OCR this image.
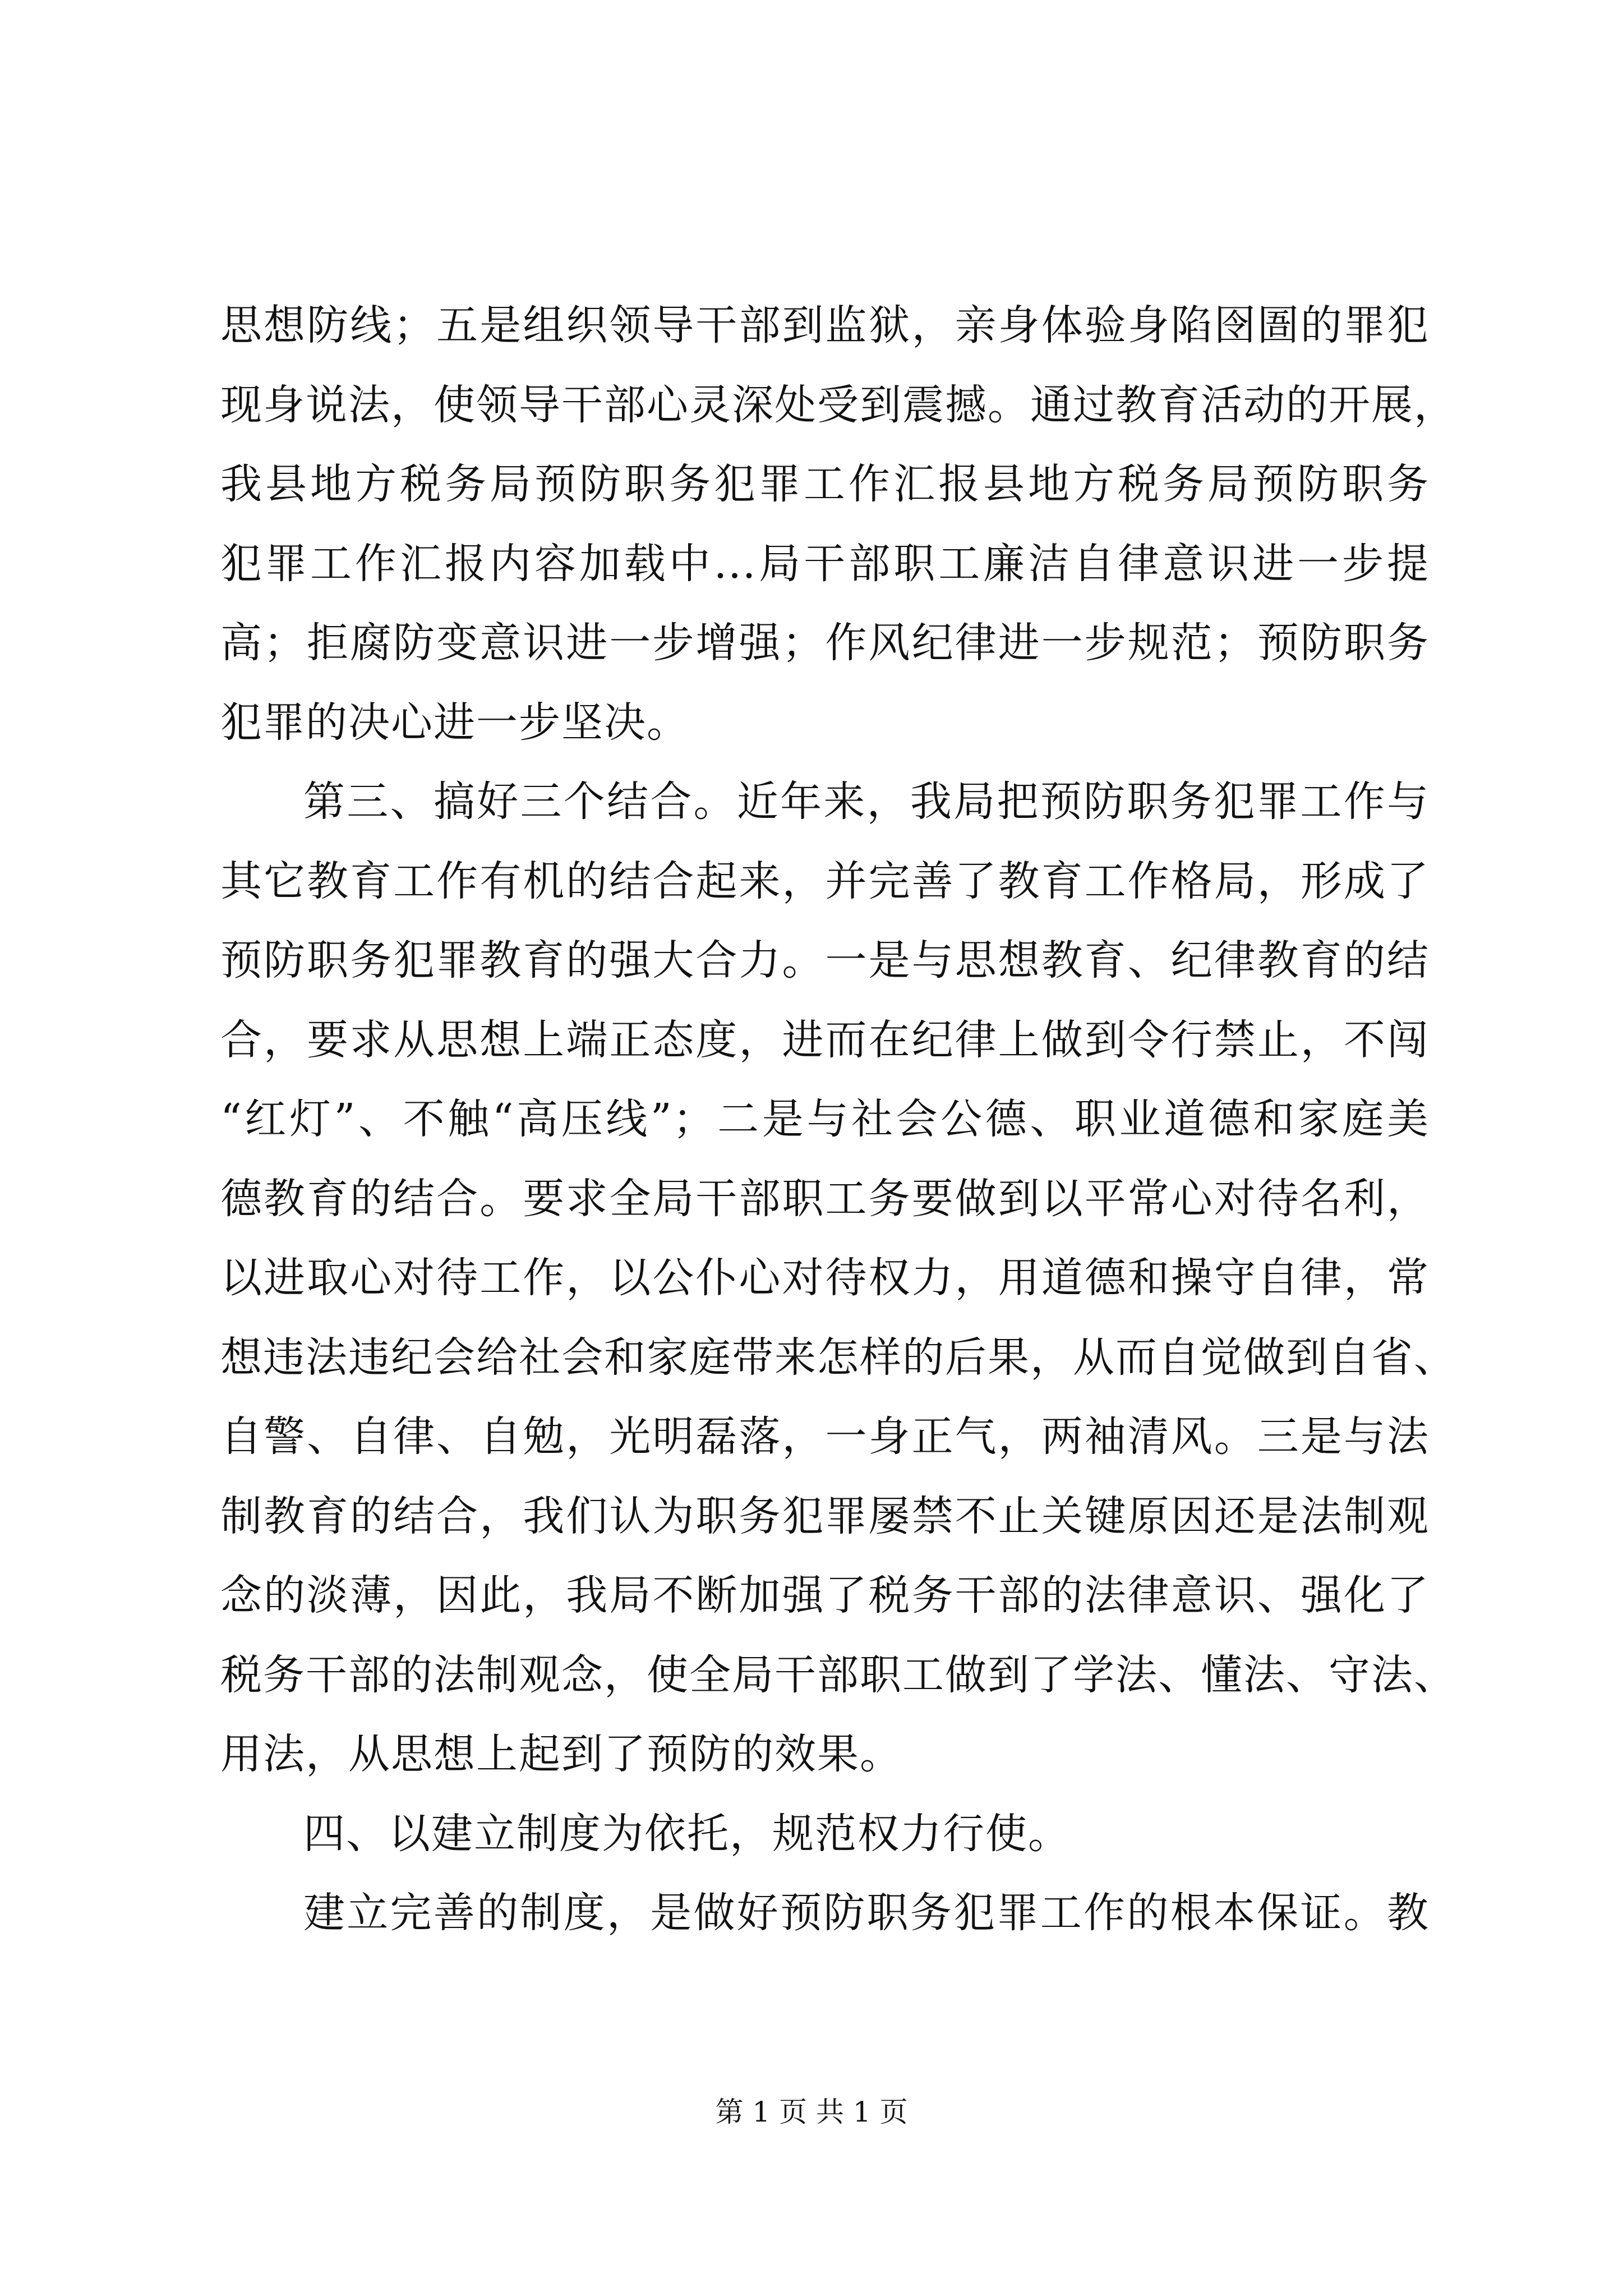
思想防线；五是组织领导干部到监狱，亲身体验身陷囹圄的罪犯
现身说法，使领导干部心灵深处受到震撼。通过教育活动的开展，
我县地方税务局预防职务犯罪工作汇报县地方税务局预防职务
犯罪工作汇报内容加载中...局干部职工廉洁自律意识进一步提
高；拒腐防变意识进一步增强；作风纪律进一步规范；预防职务
犯罪的决心进一步坚决。
第三、搞好三个结合。近年来，我局把预防职务犯罪工作与
其它教育工作有机的结合起来，并完善了教育工作格局，形成了
预防职务犯罪教育的强大合力。一是与思想教育、纪律教育的结
合，要求从思想上端正态度，进而在纪律上做到令行禁止，不闯
“红灯”、不触“高压线”；二是与社会公德、职业道德和家庭美
德教育的结合。要求全局干部职工务要做到以平常心对待名利，
以进取心对待工作，以公仆心对待权力，用道德和操守自律，常
想违法违纪会给社会和家庭带来怎样的后果，从而自觉做到自省、
自警、自律、自勉，光明磊落，一身正气，两袖清风。三是与法
制教育的结合，我们认为职务犯罪屡禁不止关键原因还是法制观
念的淡薄，因此，我局不断加强了税务干部的法律意识、强化了
税务干部的法制观念，使全局干部职工做到了学法、懂法、守法、
用法，从思想上起到了预防的效果。
四、以建立制度为依托，规范权力行使。
建立完善的制度，是做好预防职务犯罪工作的根本保证。教
第 1 页 共 1 页
